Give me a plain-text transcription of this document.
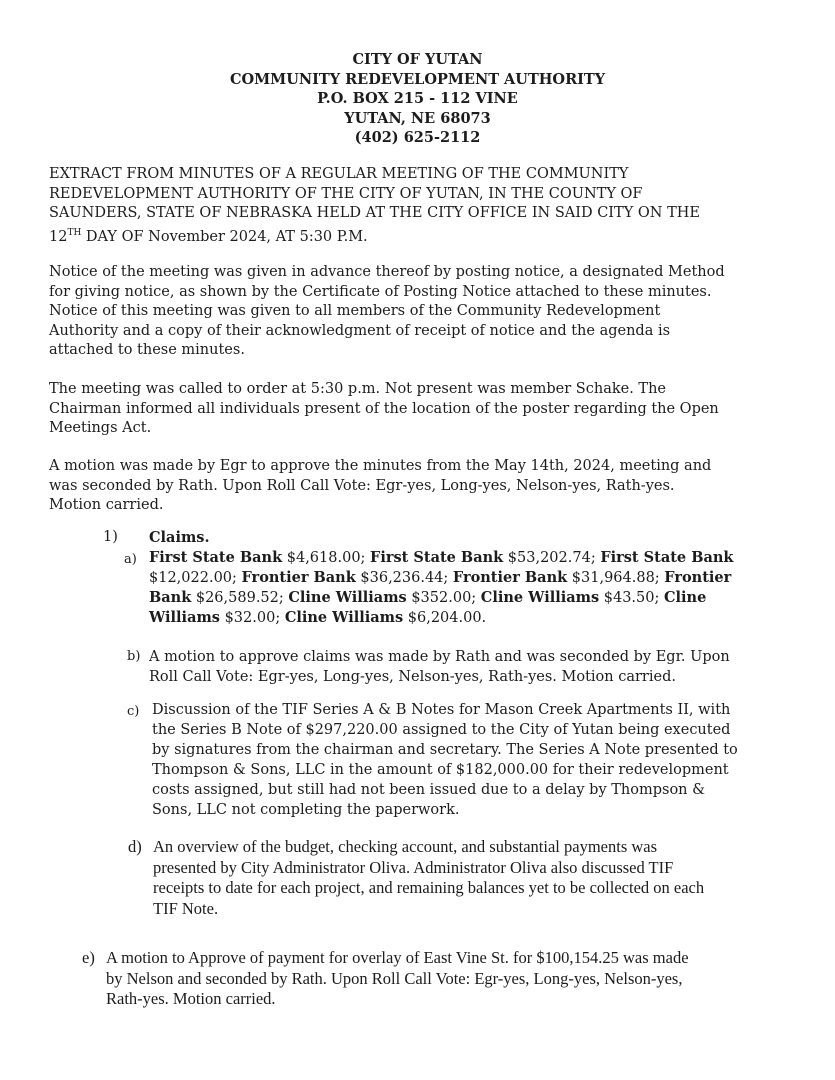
CITY OF YUTAN
COMMUNITY REDEVELOPMENT AUTHORITY
P.O. BOX 215 - 112 VINE
YUTAN, NE 68073
(402) 625-2112
EXTRACT FROM MINUTES OF A REGULAR MEETING OF THE COMMUNITY
REDEVELOPMENT AUTHORITY OF THE CITY OF YUTAN, IN THE COUNTY OF
SAUNDERS, STATE OF NEBRASKA HELD AT THE CITY OFFICE IN SAID CITY ON THE
12TH DAY OF November 2024, AT 5:30 P.M.
Notice of the meeting was given in advance thereof by posting notice, a designated Method
for giving notice, as shown by the Certificate of Posting Notice attached to these minutes.
Notice of this meeting was given to all members of the Community Redevelopment
Authority and a copy of their acknowledgment of receipt of notice and the agenda is
attached to these minutes.
The meeting was called to order at 5:30 p.m. Not present was member Schake. The
Chairman informed all individuals present of the location of the poster regarding the Open
Meetings Act.
A motion was made by Egr to approve the minutes from the May 14th, 2024, meeting and
was seconded by Rath. Upon Roll Call Vote: Egr-yes, Long-yes, Nelson-yes, Rath-yes.
Motion carried.
1) Claims.
a) First State Bank $4,618.00; First State Bank $53,202.74; First State Bank
$12,022.00; Frontier Bank $36,236.44; Frontier Bank $31,964.88; Frontier
Bank $26,589.52; Cline Williams $352.00; Cline Williams $43.50; Cline
Williams $32.00; Cline Williams $6,204.00.
b) A motion to approve claims was made by Rath and was seconded by Egr. Upon
Roll Call Vote: Egr-yes, Long-yes, Nelson-yes, Rath-yes. Motion carried.
c) Discussion of the TIF Series A & B Notes for Mason Creek Apartments II, with
the Series B Note of $297,220.00 assigned to the City of Yutan being executed
by signatures from the chairman and secretary. The Series A Note presented to
Thompson & Sons, LLC in the amount of $182,000.00 for their redevelopment
costs assigned, but still had not been issued due to a delay by Thompson &
Sons, LLC not completing the paperwork.
d) An overview of the budget, checking account, and substantial payments was
presented by City Administrator Oliva. Administrator Oliva also discussed TIF
receipts to date for each project, and remaining balances yet to be collected on each
TIF Note.
e) A motion to Approve of payment for overlay of East Vine St. for $100,154.25 was made
by Nelson and seconded by Rath. Upon Roll Call Vote: Egr-yes, Long-yes, Nelson-yes,
Rath-yes. Motion carried.
